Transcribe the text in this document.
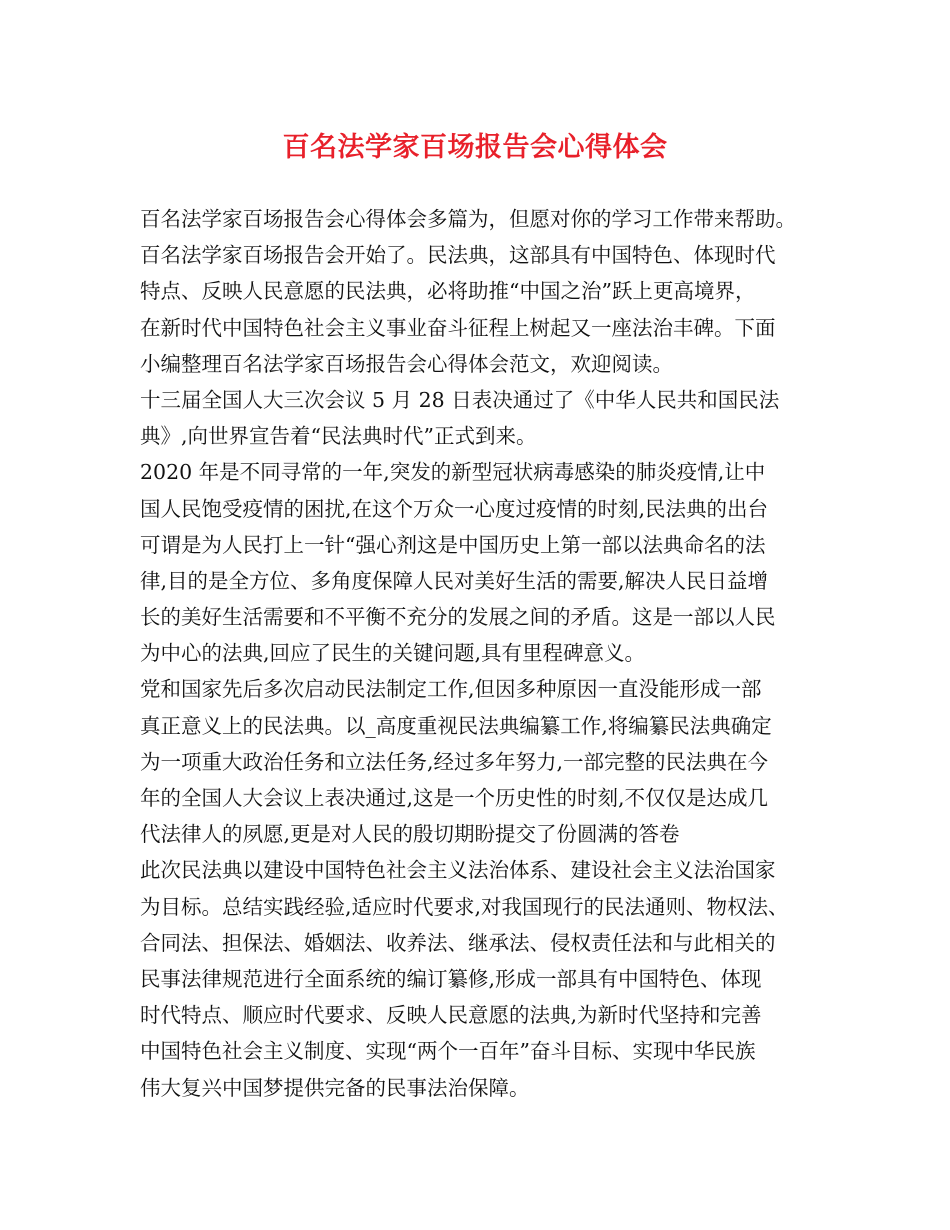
百名法学家百场报告会心得体会
百名法学家百场报告会心得体会多篇为，但愿对你的学习工作带来帮助。
百名法学家百场报告会开始了。民法典，这部具有中国特色、体现时代
特点、反映人民意愿的民法典，必将助推“中国之治”跃上更高境界，
在新时代中国特色社会主义事业奋斗征程上树起又一座法治丰碑。下面
小编整理百名法学家百场报告会心得体会范文，欢迎阅读。
十三届全国人大三次会议 5 月 28 日表决通过了《中华人民共和国民法
典》,向世界宣告着“民法典时代”正式到来。
2020 年是不同寻常的一年,突发的新型冠状病毒感染的肺炎疫情,让中
国人民饱受疫情的困扰,在这个万众一心度过疫情的时刻,民法典的出台
可谓是为人民打上一针“强心剂这是中国历史上第一部以法典命名的法
律,目的是全方位、多角度保障人民对美好生活的需要,解决人民日益增
长的美好生活需要和不平衡不充分的发展之间的矛盾。这是一部以人民
为中心的法典,回应了民生的关键问题,具有里程碑意义。
党和国家先后多次启动民法制定工作,但因多种原因一直没能形成一部
真正意义上的民法典。以_高度重视民法典编纂工作,将编纂民法典确定
为一项重大政治任务和立法任务,经过多年努力,一部完整的民法典在今
年的全国人大会议上表决通过,这是一个历史性的时刻,不仅仅是达成几
代法律人的夙愿,更是对人民的殷切期盼提交了份圆满的答卷
此次民法典以建设中国特色社会主义法治体系、建设社会主义法治国家
为目标。总结实践经验,适应时代要求,对我国现行的民法通则、物权法、
合同法、担保法、婚姻法、收养法、继承法、侵权责任法和与此相关的
民事法律规范进行全面系统的编订纂修,形成一部具有中国特色、体现
时代特点、顺应时代要求、反映人民意愿的法典,为新时代坚持和完善
中国特色社会主义制度、实现“两个一百年”奋斗目标、实现中华民族
伟大复兴中国梦提供完备的民事法治保障。
